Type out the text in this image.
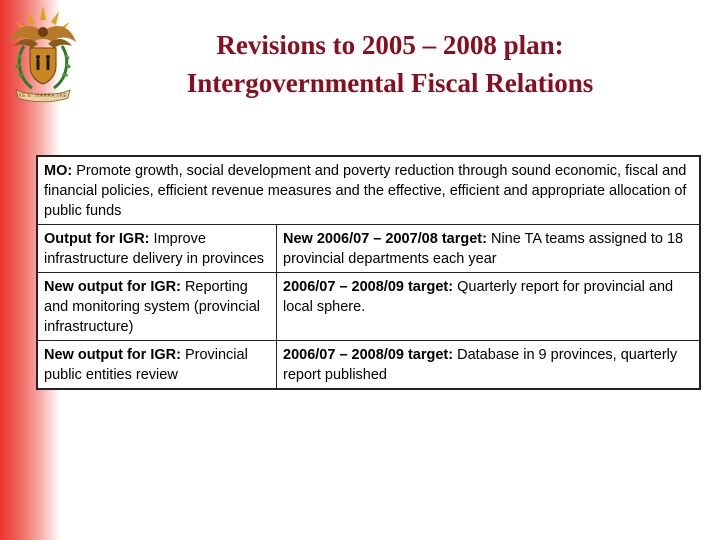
!KE E: /XARRA //KE
Revisions to 2005 – 2008 plan:
Intergovernmental Fiscal Relations
MO: Promote growth, social development and poverty reduction through sound economic, fiscal and financial policies, efficient revenue measures and the effective, efficient and appropriate allocation of public funds	
Output for IGR: Improve infrastructure delivery in provinces	New 2006/07 – 2007/08 target: Nine TA teams assigned to 18 provincial departments each year
New output for IGR: Reporting and monitoring system (provincial infrastructure)	2006/07 – 2008/09 target: Quarterly report for provincial and local sphere.
New output for IGR: Provincial public entities review	2006/07 – 2008/09 target: Database in 9 provinces, quarterly report published
